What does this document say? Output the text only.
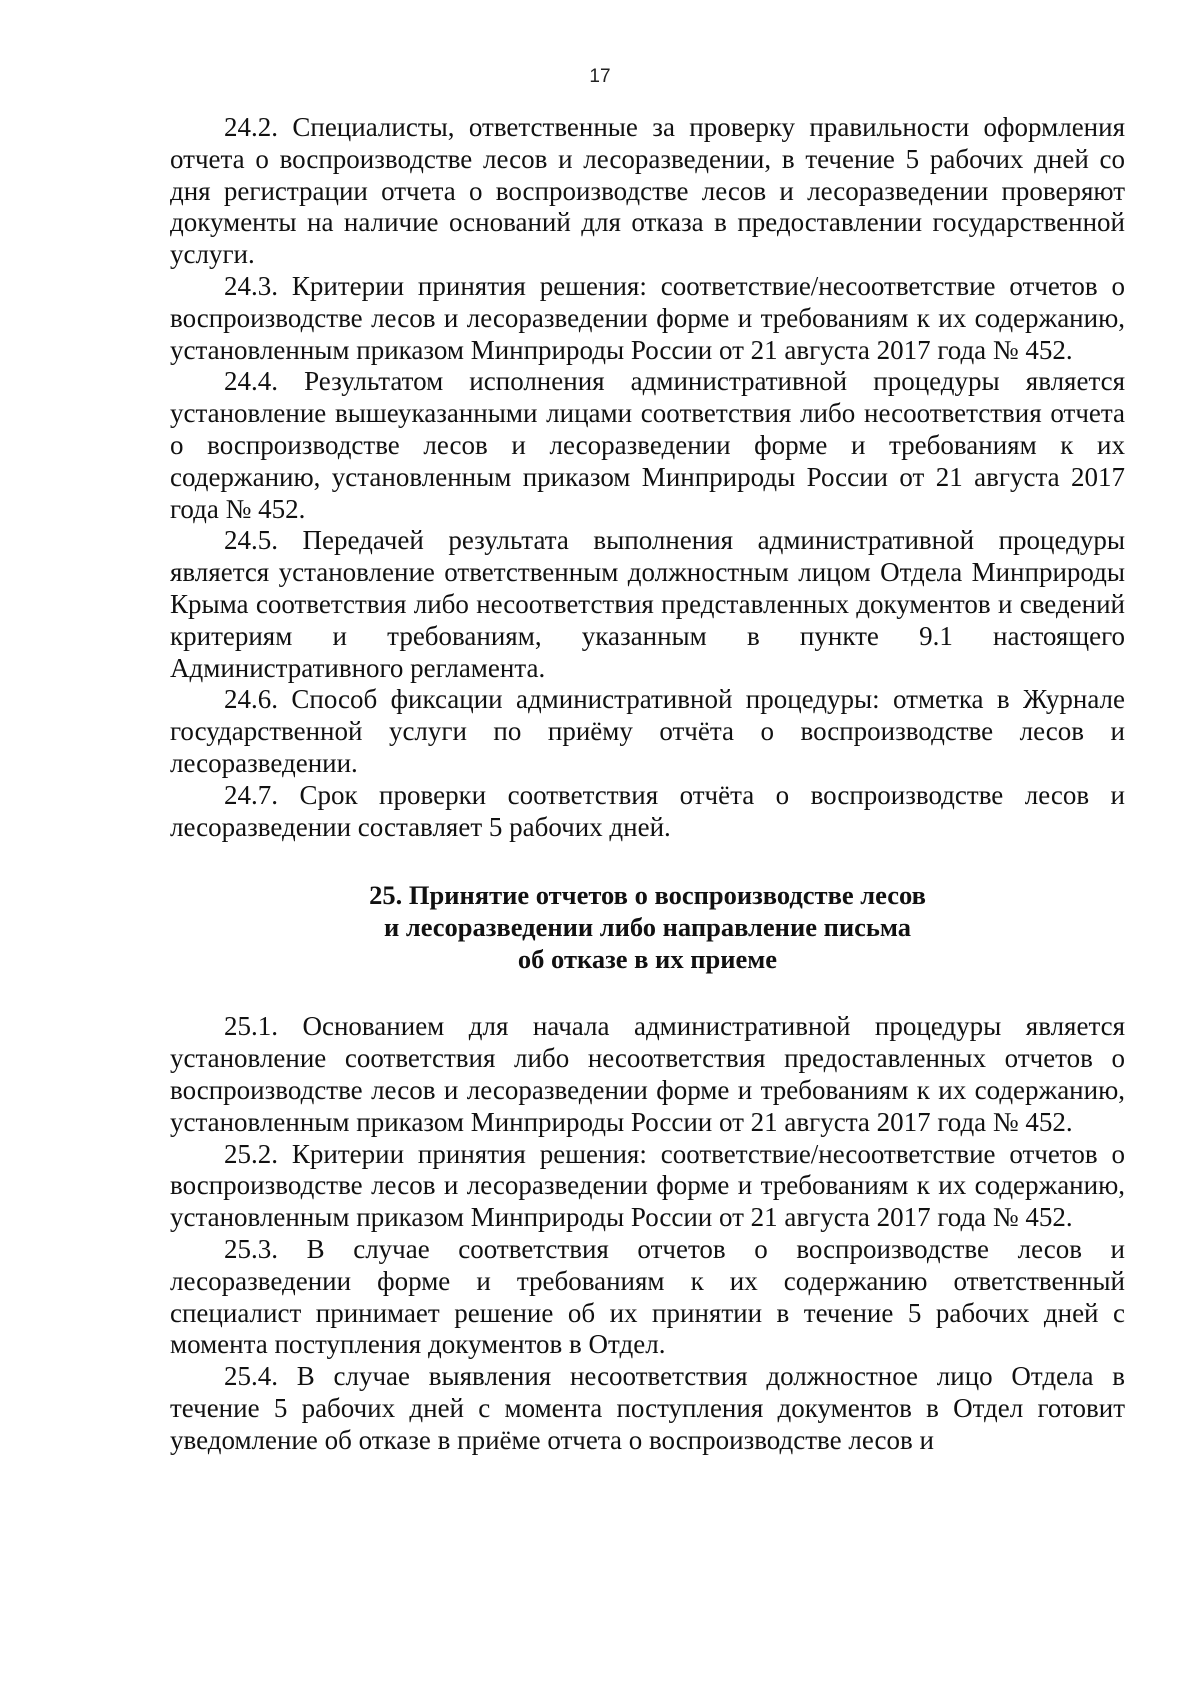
17

24.2. Специалисты, ответственные за проверку правильности оформления отчета о воспроизводстве лесов и лесоразведении, в течение 5 рабочих дней со дня регистрации отчета о воспроизводстве лесов и лесоразведении проверяют документы на наличие оснований для отказа в предоставлении государственной услуги.

24.3. Критерии принятия решения: соответствие/несоответствие отчетов о воспроизводстве лесов и лесоразведении форме и требованиям к их содержанию, установленным приказом Минприроды России от 21 августа 2017 года № 452.

24.4. Результатом исполнения административной процедуры является установление вышеуказанными лицами соответствия либо несоответствия отчета о воспроизводстве лесов и лесоразведении форме и требованиям к их содержанию, установленным приказом Минприроды России от 21 августа 2017 года № 452.

24.5. Передачей результата выполнения административной процедуры является установление ответственным должностным лицом Отдела Минприроды Крыма соответствия либо несоответствия представленных документов и сведений критериям и требованиям, указанным в пункте 9.1 настоящего Административного регламента.

24.6. Способ фиксации административной процедуры: отметка в Журнале государственной услуги по приёму отчёта о воспроизводстве лесов и лесоразведении.

24.7. Срок проверки соответствия отчёта о воспроизводстве лесов и лесоразведении составляет 5 рабочих дней.

25. Принятие отчетов о воспроизводстве лесов
и лесоразведении либо направление письма
об отказе в их приеме

25.1. Основанием для начала административной процедуры является установление соответствия либо несоответствия предоставленных отчетов о воспроизводстве лесов и лесоразведении форме и требованиям к их содержанию, установленным приказом Минприроды России от 21 августа 2017 года № 452.

25.2. Критерии принятия решения: соответствие/несоответствие отчетов о воспроизводстве лесов и лесоразведении форме и требованиям к их содержанию, установленным приказом Минприроды России от 21 августа 2017 года № 452.

25.3. В случае соответствия отчетов о воспроизводстве лесов и лесоразведении форме и требованиям к их содержанию ответственный специалист принимает решение об их принятии в течение 5 рабочих дней с момента поступления документов в Отдел.

25.4. В случае выявления несоответствия должностное лицо Отдела в течение 5 рабочих дней с момента поступления документов в Отдел готовит уведомление об отказе в приёме отчета о воспроизводстве лесов и
